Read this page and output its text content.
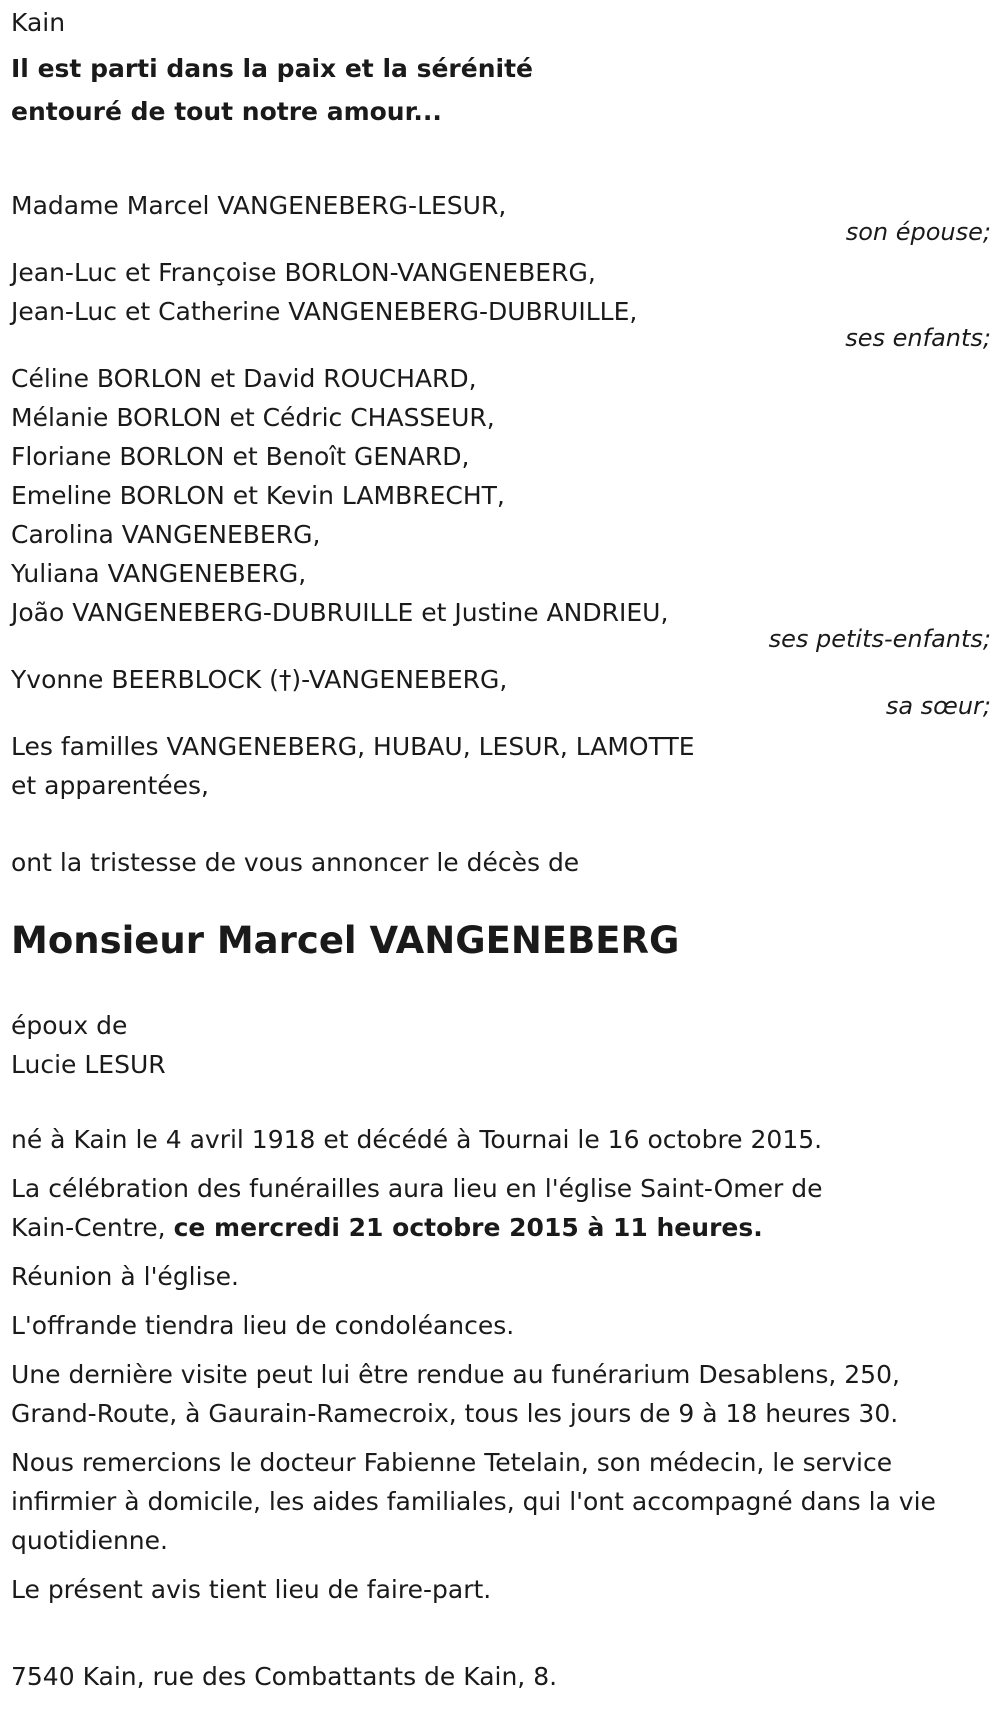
Kain
Il est parti dans la paix et la sérénité
entouré de tout notre amour...
Madame Marcel VANGENEBERG-LESUR,
son épouse;
Jean-Luc et Françoise BORLON-VANGENEBERG,
Jean-Luc et Catherine VANGENEBERG-DUBRUILLE,
ses enfants;
Céline BORLON et David ROUCHARD,
Mélanie BORLON et Cédric CHASSEUR,
Floriane BORLON et Benoît GENARD,
Emeline BORLON et Kevin LAMBRECHT,
Carolina VANGENEBERG,
Yuliana VANGENEBERG,
João VANGENEBERG-DUBRUILLE et Justine ANDRIEU,
ses petits-enfants;
Yvonne BEERBLOCK (†)-VANGENEBERG,
sa sœur;
Les familles VANGENEBERG, HUBAU, LESUR, LAMOTTE
et apparentées,
ont la tristesse de vous annoncer le décès de
Monsieur Marcel VANGENEBERG
époux de
Lucie LESUR
né à Kain le 4 avril 1918 et décédé à Tournai le 16 octobre 2015.
La célébration des funérailles aura lieu en l'église Saint-Omer de Kain-Centre, ce mercredi 21 octobre 2015 à 11 heures.
Réunion à l'église.
L'offrande tiendra lieu de condoléances.
Une dernière visite peut lui être rendue au funérarium Desablens, 250, Grand-Route, à Gaurain-Ramecroix, tous les jours de 9 à 18 heures 30.
Nous remercions le docteur Fabienne Tetelain, son médecin, le service infirmier à domicile, les aides familiales, qui l'ont accompagné dans la vie quotidienne.
Le présent avis tient lieu de faire-part.
7540 Kain, rue des Combattants de Kain, 8.
